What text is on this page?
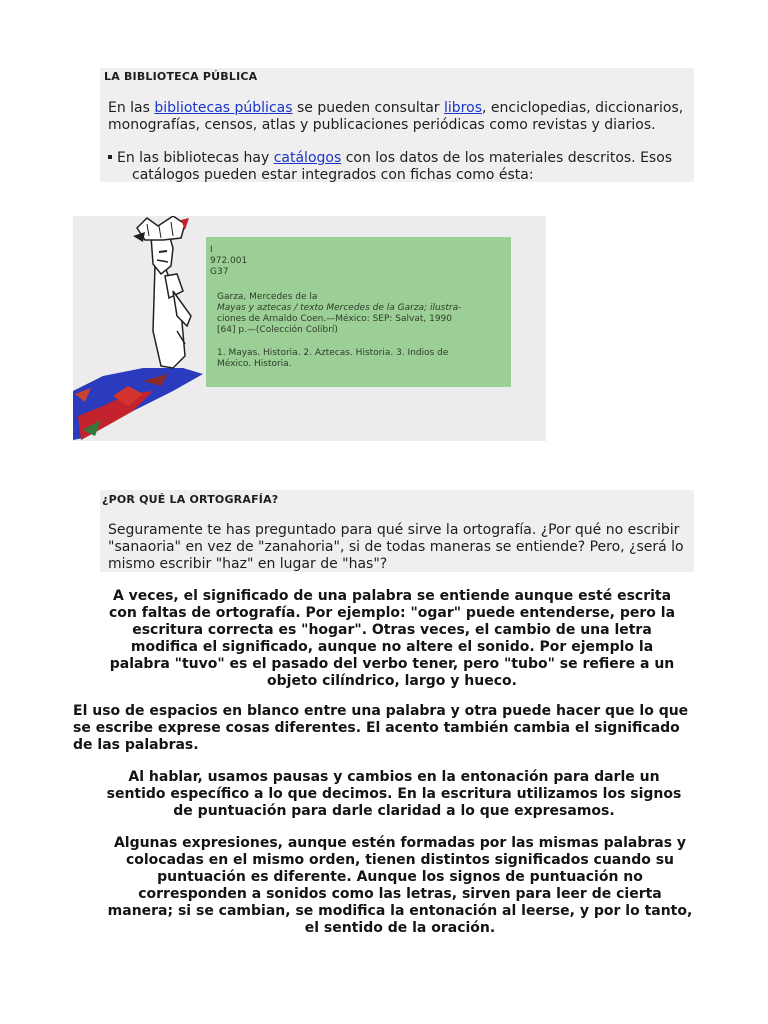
LA BIBLIOTECA PÚBLICA

En las bibliotecas públicas se pueden consultar libros, enciclopedias, diccionarios,
monografías, censos, atlas y publicaciones periódicas como revistas y diarios.

En las bibliotecas hay catálogos con los datos de los materiales descritos. Esos
catálogos pueden estar integrados con fichas como ésta:

I
972.001
G37
Garza, Mercedes de la
Mayas y aztecas / texto Mercedes de la Garza; ilustra-
ciones de Arnaldo Coen.—México: SEP: Salvat, 1990
[64] p.—(Colección Colibrí)
1. Mayas. Historia. 2. Aztecas. Historia. 3. Indios de
México. Historia.
¿POR QUÉ LA ORTOGRAFÍA?

Seguramente te has preguntado para qué sirve la ortografía. ¿Por qué no escribir
"sanaoria" en vez de "zanahoria", si de todas maneras se entiende? Pero, ¿será lo
mismo escribir "haz" en lugar de "has"?

A veces, el significado de una palabra se entiende aunque esté escrita
con faltas de ortografía. Por ejemplo: "ogar" puede entenderse, pero la
escritura correcta es "hogar". Otras veces, el cambio de una letra
modifica el significado, aunque no altere el sonido. Por ejemplo la
palabra "tuvo" es el pasado del verbo tener, pero "tubo" se refiere a un
objeto cilíndrico, largo y hueco.

El uso de espacios en blanco entre una palabra y otra puede hacer que lo que
se escribe exprese cosas diferentes. El acento también cambia el significado
de las palabras.

Al hablar, usamos pausas y cambios en la entonación para darle un
sentido específico a lo que decimos. En la escritura utilizamos los signos
de puntuación para darle claridad a lo que expresamos.

Algunas expresiones, aunque estén formadas por las mismas palabras y
colocadas en el mismo orden, tienen distintos significados cuando su
puntuación es diferente. Aunque los signos de puntuación no
corresponden a sonidos como las letras, sirven para leer de cierta
manera; si se cambian, se modifica la entonación al leerse, y por lo tanto,
el sentido de la oración.
